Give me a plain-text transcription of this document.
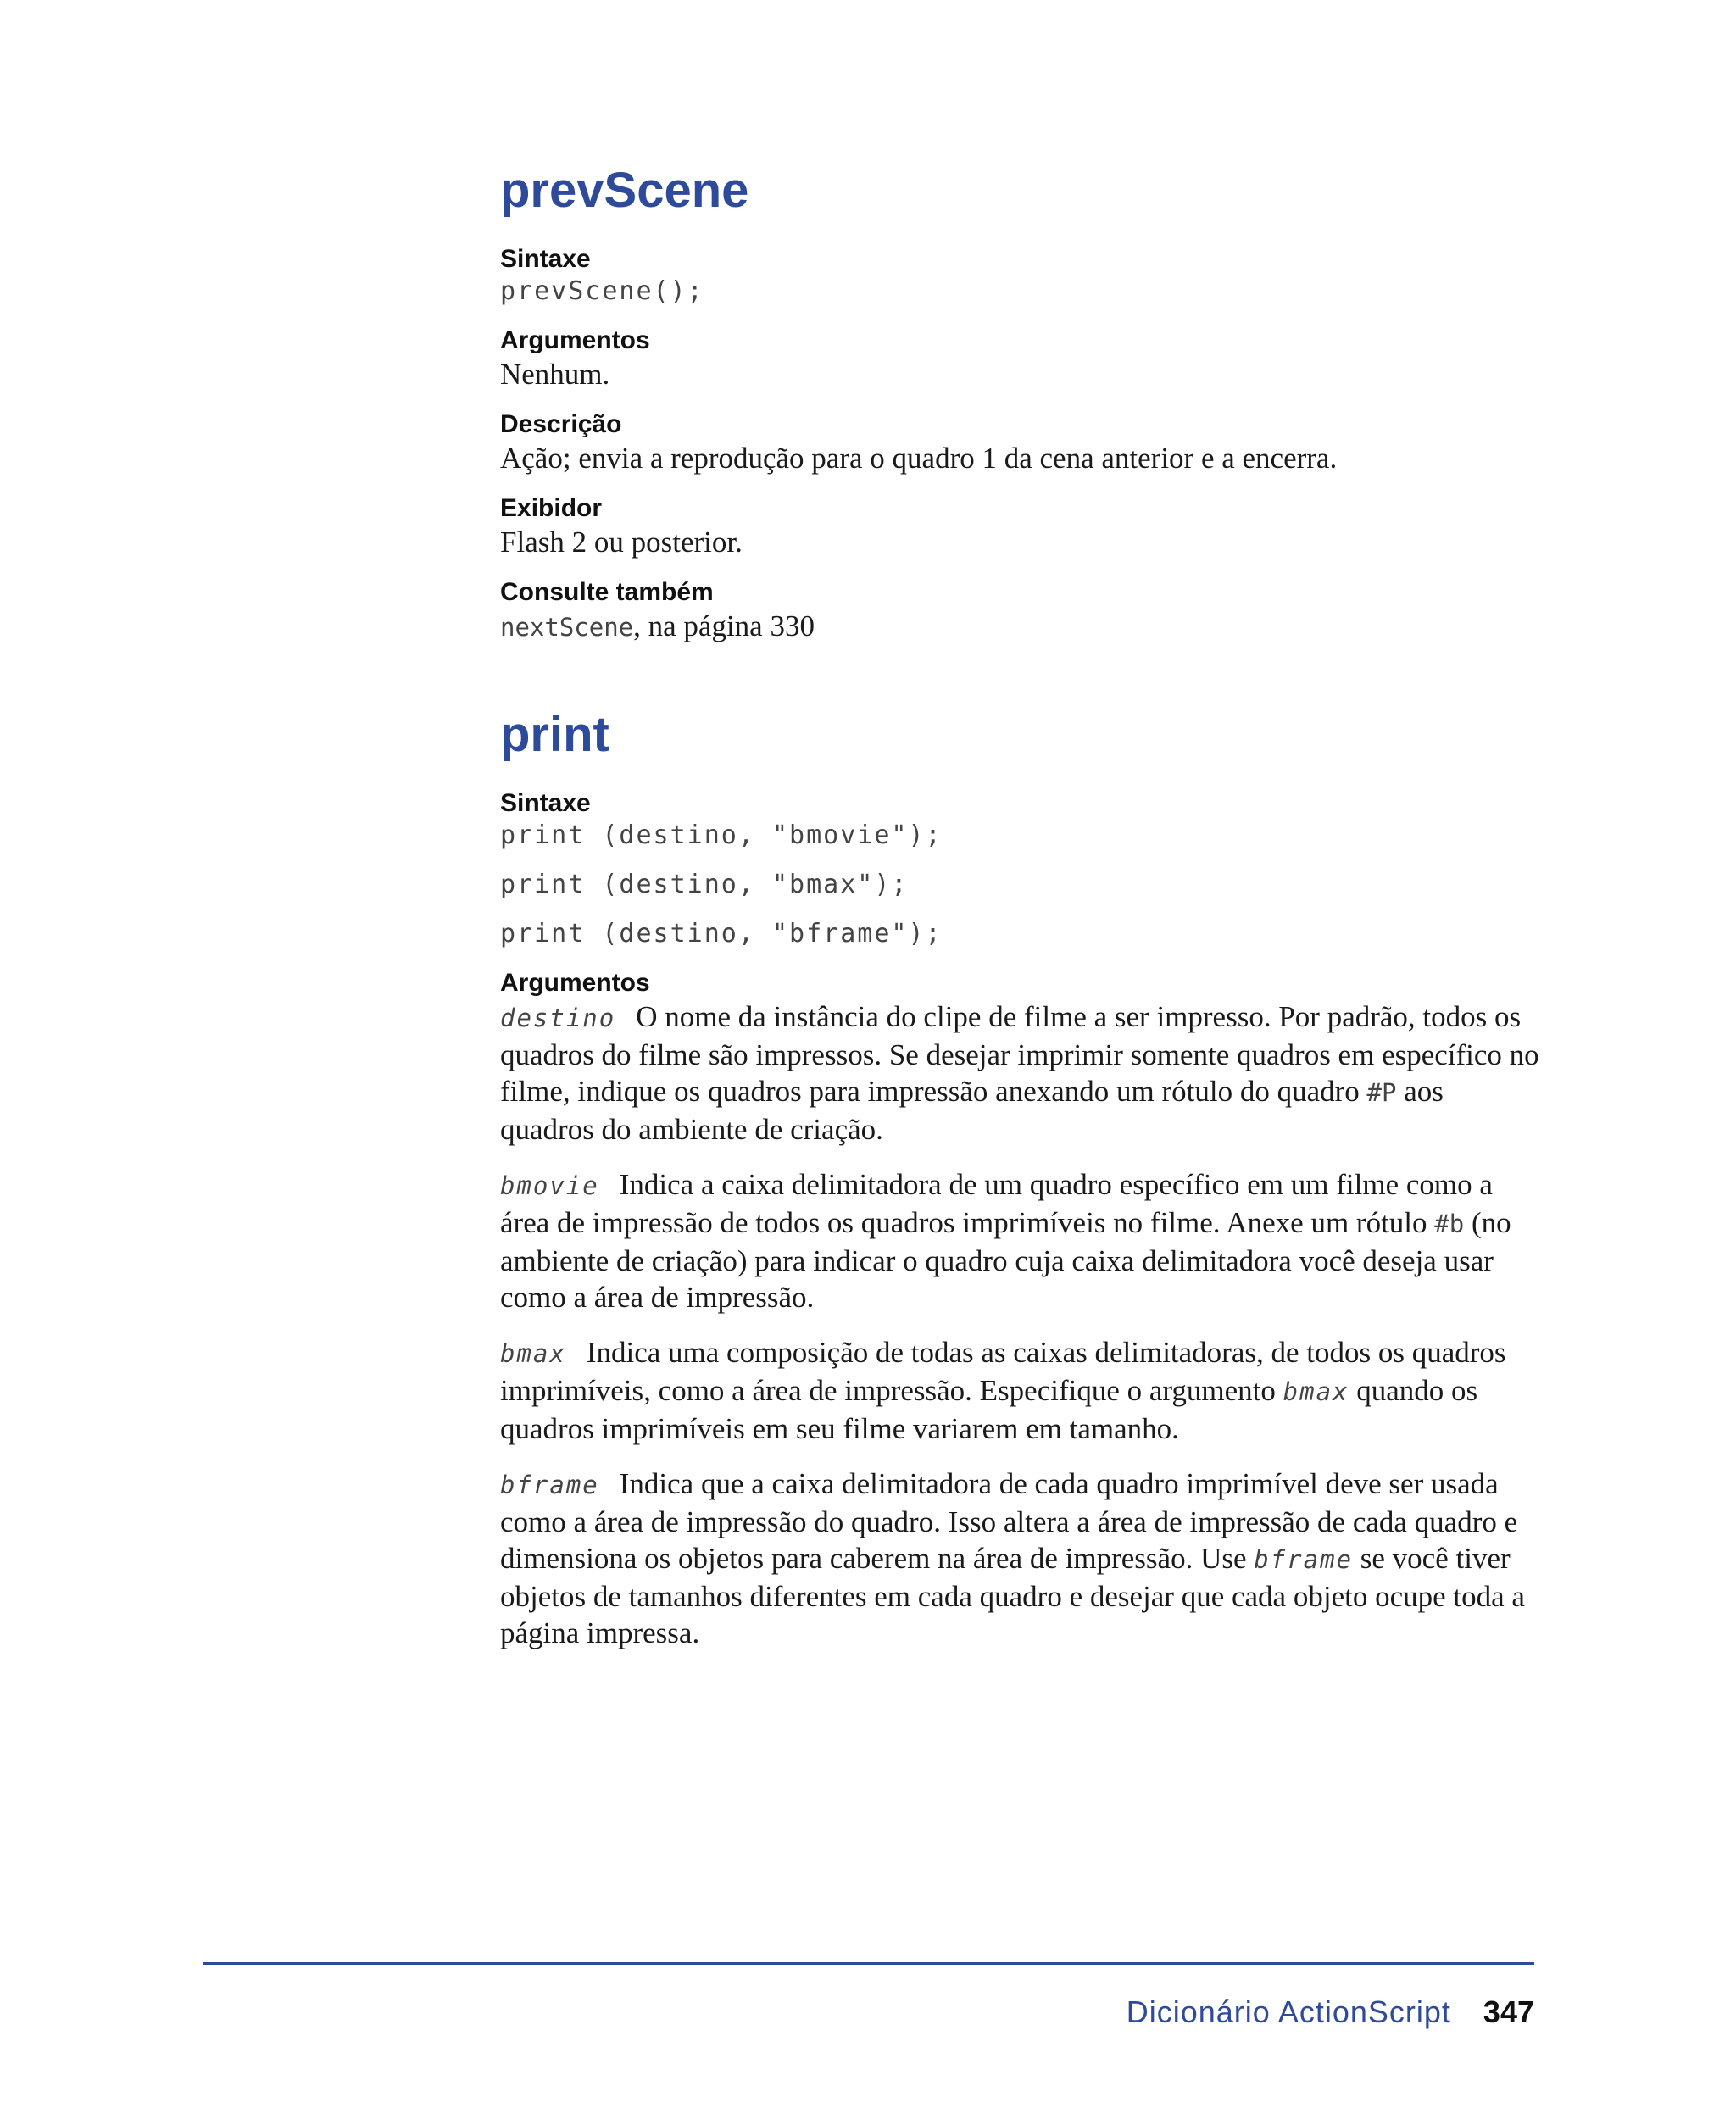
prevScene
Sintaxe
prevScene();
Argumentos
Nenhum.
Descrição
Ação; envia a reprodução para o quadro 1 da cena anterior e a encerra.
Exibidor
Flash 2 ou posterior.
Consulte também
nextScene, na página 330
print
Sintaxe
print (destino, "bmovie");
print (destino, "bmax");
print (destino, "bframe");
Argumentos

destino O nome da instância do clipe de filme a ser impresso. Por padrão, todos os quadros do filme são impressos. Se desejar imprimir somente quadros em específico no filme, indique os quadros para impressão anexando um rótulo do quadro #P aos quadros do ambiente de criação.

bmovie Indica a caixa delimitadora de um quadro específico em um filme como a área de impressão de todos os quadros imprimíveis no filme. Anexe um rótulo #b (no ambiente de criação) para indicar o quadro cuja caixa delimitadora você deseja usar como a área de impressão.

bmax Indica uma composição de todas as caixas delimitadoras, de todos os quadros imprimíveis, como a área de impressão. Especifique o argumento bmax quando os quadros imprimíveis em seu filme variarem em tamanho.

bframe Indica que a caixa delimitadora de cada quadro imprimível deve ser usada como a área de impressão do quadro. Isso altera a área de impressão de cada quadro e dimensiona os objetos para caberem na área de impressão. Use bframe se você tiver objetos de tamanhos diferentes em cada quadro e desejar que cada objeto ocupe toda a página impressa.

Dicionário ActionScript 347
